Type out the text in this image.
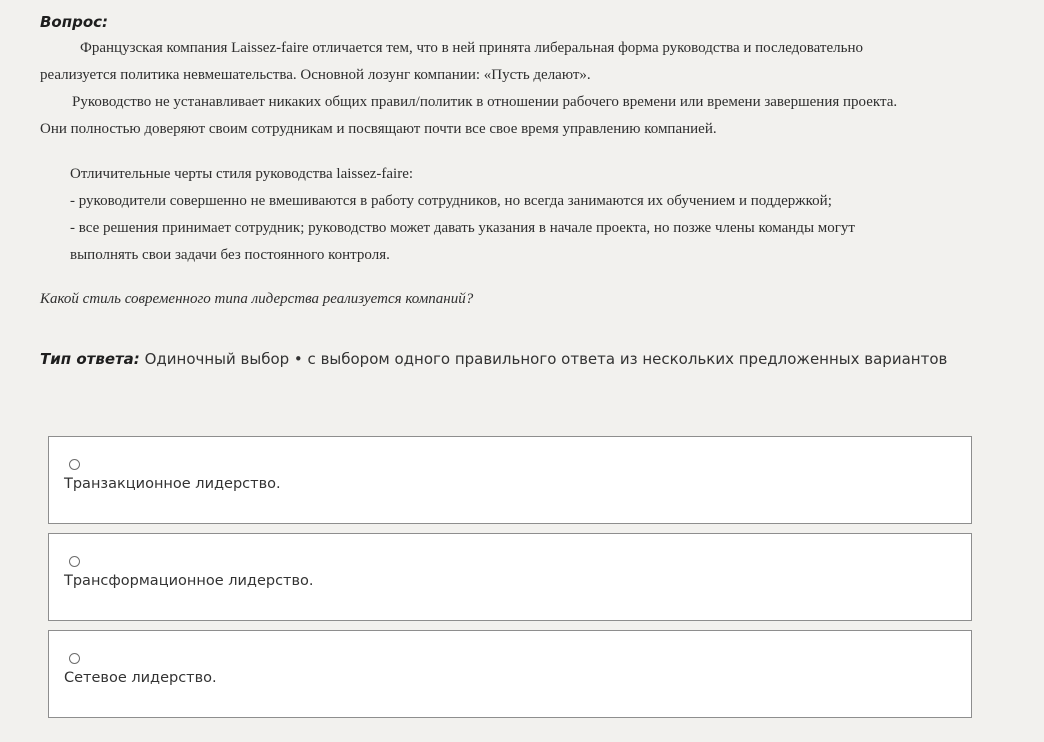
Вопрос:
Французская компания Laissez-faire отличается тем, что в ней принята либеральная форма руководства и последовательно
реализуется политика невмешательства. Основной лозунг компании: «Пусть делают».
Руководство не устанавливает никаких общих правил/политик в отношении рабочего времени или времени завершения проекта.
Они полностью доверяют своим сотрудникам и посвящают почти все свое время управлению компанией.
Отличительные черты стиля руководства laissez-faire:
- руководители совершенно не вмешиваются в работу сотрудников, но всегда занимаются их обучением и поддержкой;
- все решения принимает сотрудник; руководство может давать указания в начале проекта, но позже члены команды могут
выполнять свои задачи без постоянного контроля.
Какой стиль современного типа лидерства реализуется компаний?
Тип ответа: Одиночный выбор • с выбором одного правильного ответа из нескольких предложенных вариантов
Транзакционное лидерство.
Трансформационное лидерство.
Сетевое лидерство.
